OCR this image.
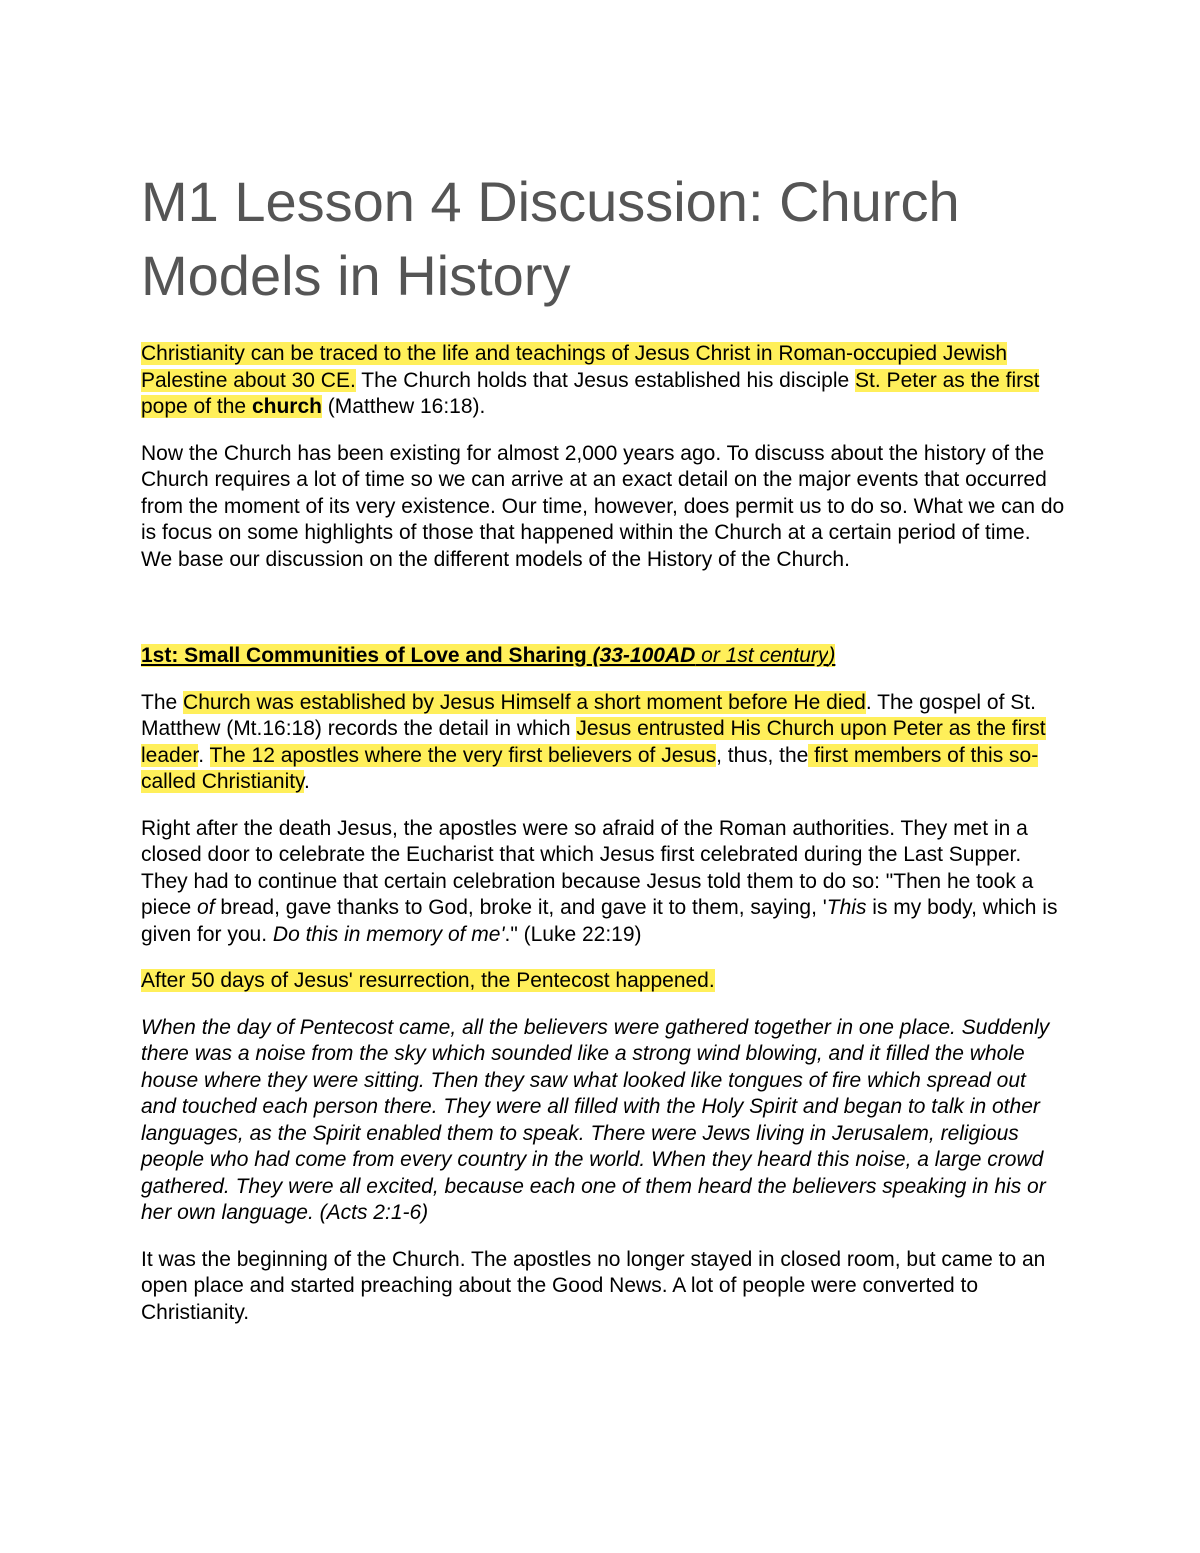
M1 Lesson 4 Discussion: Church Models in History

Christianity can be traced to the life and teachings of Jesus Christ in Roman-occupied Jewish Palestine about 30 CE. The Church holds that Jesus established his disciple St. Peter as the first pope of the church (Matthew 16:18).

Now the Church has been existing for almost 2,000 years ago. To discuss about the history of the Church requires a lot of time so we can arrive at an exact detail on the major events that occurred from the moment of its very existence. Our time, however, does permit us to do so. What we can do is focus on some highlights of those that happened within the Church at a certain period of time. We base our discussion on the different models of the History of the Church.

1st: Small Communities of Love and Sharing (33-100AD or 1st century)

The Church was established by Jesus Himself a short moment before He died. The gospel of St. Matthew (Mt.16:18) records the detail in which Jesus entrusted His Church upon Peter as the first leader. The 12 apostles where the very first believers of Jesus, thus, the first members of this so-called Christianity.

Right after the death Jesus, the apostles were so afraid of the Roman authorities. They met in a closed door to celebrate the Eucharist that which Jesus first celebrated during the Last Supper. They had to continue that certain celebration because Jesus told them to do so: "Then he took a piece of bread, gave thanks to God, broke it, and gave it to them, saying, 'This is my body, which is given for you. Do this in memory of me'." (Luke 22:19)

After 50 days of Jesus' resurrection, the Pentecost happened.

When the day of Pentecost came, all the believers were gathered together in one place. Suddenly there was a noise from the sky which sounded like a strong wind blowing, and it filled the whole house where they were sitting. Then they saw what looked like tongues of fire which spread out and touched each person there. They were all filled with the Holy Spirit and began to talk in other languages, as the Spirit enabled them to speak. There were Jews living in Jerusalem, religious people who had come from every country in the world. When they heard this noise, a large crowd gathered. They were all excited, because each one of them heard the believers speaking in his or her own language. (Acts 2:1-6)

It was the beginning of the Church. The apostles no longer stayed in closed room, but came to an open place and started preaching about the Good News. A lot of people were converted to Christianity.
